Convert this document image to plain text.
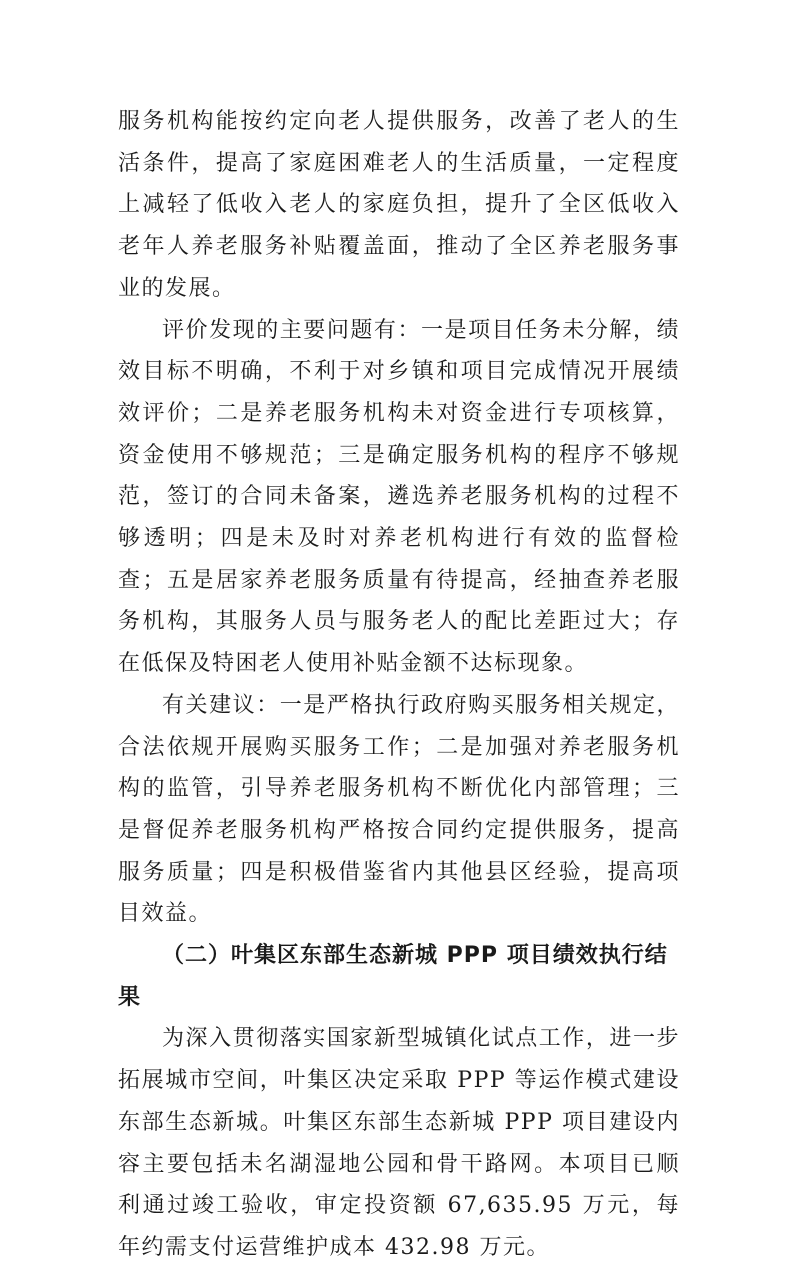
服务机构能按约定向老人提供服务，改善了老人的生活条件，提高了家庭困难老人的生活质量，一定程度上减轻了低收入老人的家庭负担，提升了全区低收入老年人养老服务补贴覆盖面，推动了全区养老服务事业的发展。

评价发现的主要问题有：一是项目任务未分解，绩效目标不明确，不利于对乡镇和项目完成情况开展绩效评价；二是养老服务机构未对资金进行专项核算，资金使用不够规范；三是确定服务机构的程序不够规范，签订的合同未备案，遴选养老服务机构的过程不够透明；四是未及时对养老机构进行有效的监督检查；五是居家养老服务质量有待提高，经抽查养老服务机构，其服务人员与服务老人的配比差距过大；存在低保及特困老人使用补贴金额不达标现象。

有关建议：一是严格执行政府购买服务相关规定，合法依规开展购买服务工作；二是加强对养老服务机构的监管，引导养老服务机构不断优化内部管理；三是督促养老服务机构严格按合同约定提供服务，提高服务质量；四是积极借鉴省内其他县区经验，提高项目效益。

（二）叶集区东部生态新城 PPP 项目绩效执行结果

为深入贯彻落实国家新型城镇化试点工作，进一步拓展城市空间，叶集区决定采取 PPP 等运作模式建设东部生态新城。叶集区东部生态新城 PPP 项目建设内容主要包括未名湖湿地公园和骨干路网。本项目已顺利通过竣工验收，审定投资额 67,635.95 万元，每年约需支付运营维护成本 432.98 万元。
